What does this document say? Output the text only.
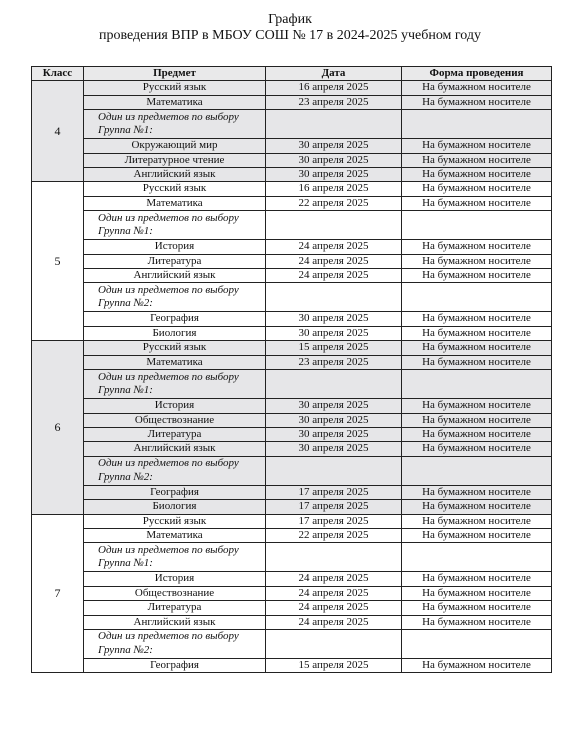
График
проведения ВПР в МБОУ СОШ № 17 в 2024-2025 учебном году
Класс	Предмет	Дата	Форма проведения
4	Русский язык	16 апреля 2025	На бумажном носителе
	Математика	23 апреля 2025	На бумажном носителе
	Один из предметов по выбору Группа №1:		
	Окружающий мир	30 апреля 2025	На бумажном носителе
	Литературное чтение	30 апреля 2025	На бумажном носителе
	Английский язык	30 апреля 2025	На бумажном носителе
5	Русский язык	16 апреля 2025	На бумажном носителе
	Математика	22 апреля 2025	На бумажном носителе
	Один из предметов по выбору Группа №1:		
	История	24 апреля 2025	На бумажном носителе
	Литература	24 апреля 2025	На бумажном носителе
	Английский язык	24 апреля 2025	На бумажном носителе
	Один из предметов по выбору Группа №2:		
	География	30 апреля 2025	На бумажном носителе
	Биология	30 апреля 2025	На бумажном носителе
6	Русский язык	15 апреля 2025	На бумажном носителе
	Математика	23 апреля 2025	На бумажном носителе
	Один из предметов по выбору Группа №1:		
	История	30 апреля 2025	На бумажном носителе
	Обществознание	30 апреля 2025	На бумажном носителе
	Литература	30 апреля 2025	На бумажном носителе
	Английский язык	30 апреля 2025	На бумажном носителе
	Один из предметов по выбору Группа №2:		
	География	17 апреля 2025	На бумажном носителе
	Биология	17 апреля 2025	На бумажном носителе
7	Русский язык	17 апреля 2025	На бумажном носителе
	Математика	22 апреля 2025	На бумажном носителе
	Один из предметов по выбору Группа №1:		
	История	24 апреля 2025	На бумажном носителе
	Обществознание	24 апреля 2025	На бумажном носителе
	Литература	24 апреля 2025	На бумажном носителе
	Английский язык	24 апреля 2025	На бумажном носителе
	Один из предметов по выбору Группа №2:		
	География	15 апреля 2025	На бумажном носителе
